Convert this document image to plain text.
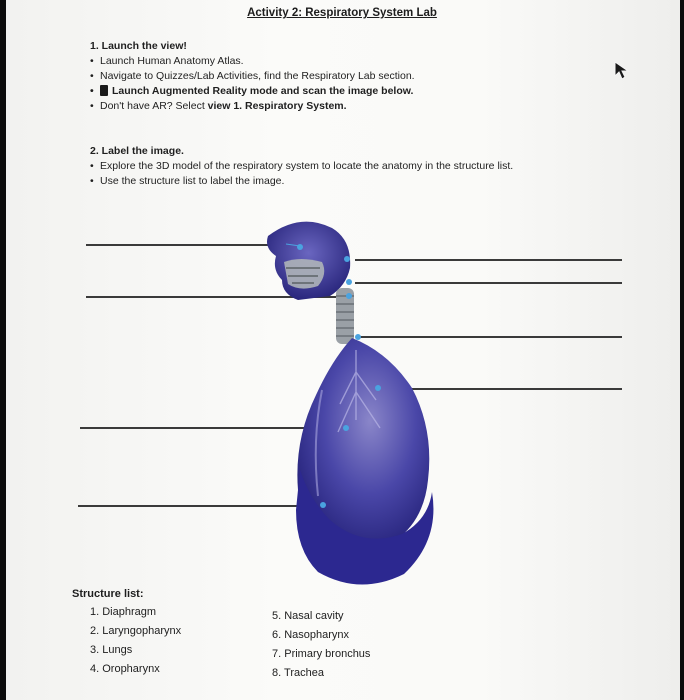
Activity 2: Respiratory System Lab
1. Launch the view!
• Launch Human Anatomy Atlas.
• Navigate to Quizzes/Lab Activities, find the Respiratory Lab section.
• Launch Augmented Reality mode and scan the image below.
• Don't have AR? Select view 1. Respiratory System.
2. Label the image.
• Explore the 3D model of the respiratory system to locate the anatomy in the structure list.
• Use the structure list to label the image.
Structure list:
1. Diaphragm
2. Laryngopharynx
3. Lungs
4. Oropharynx
5. Nasal cavity
6. Nasopharynx
7. Primary bronchus
8. Trachea
